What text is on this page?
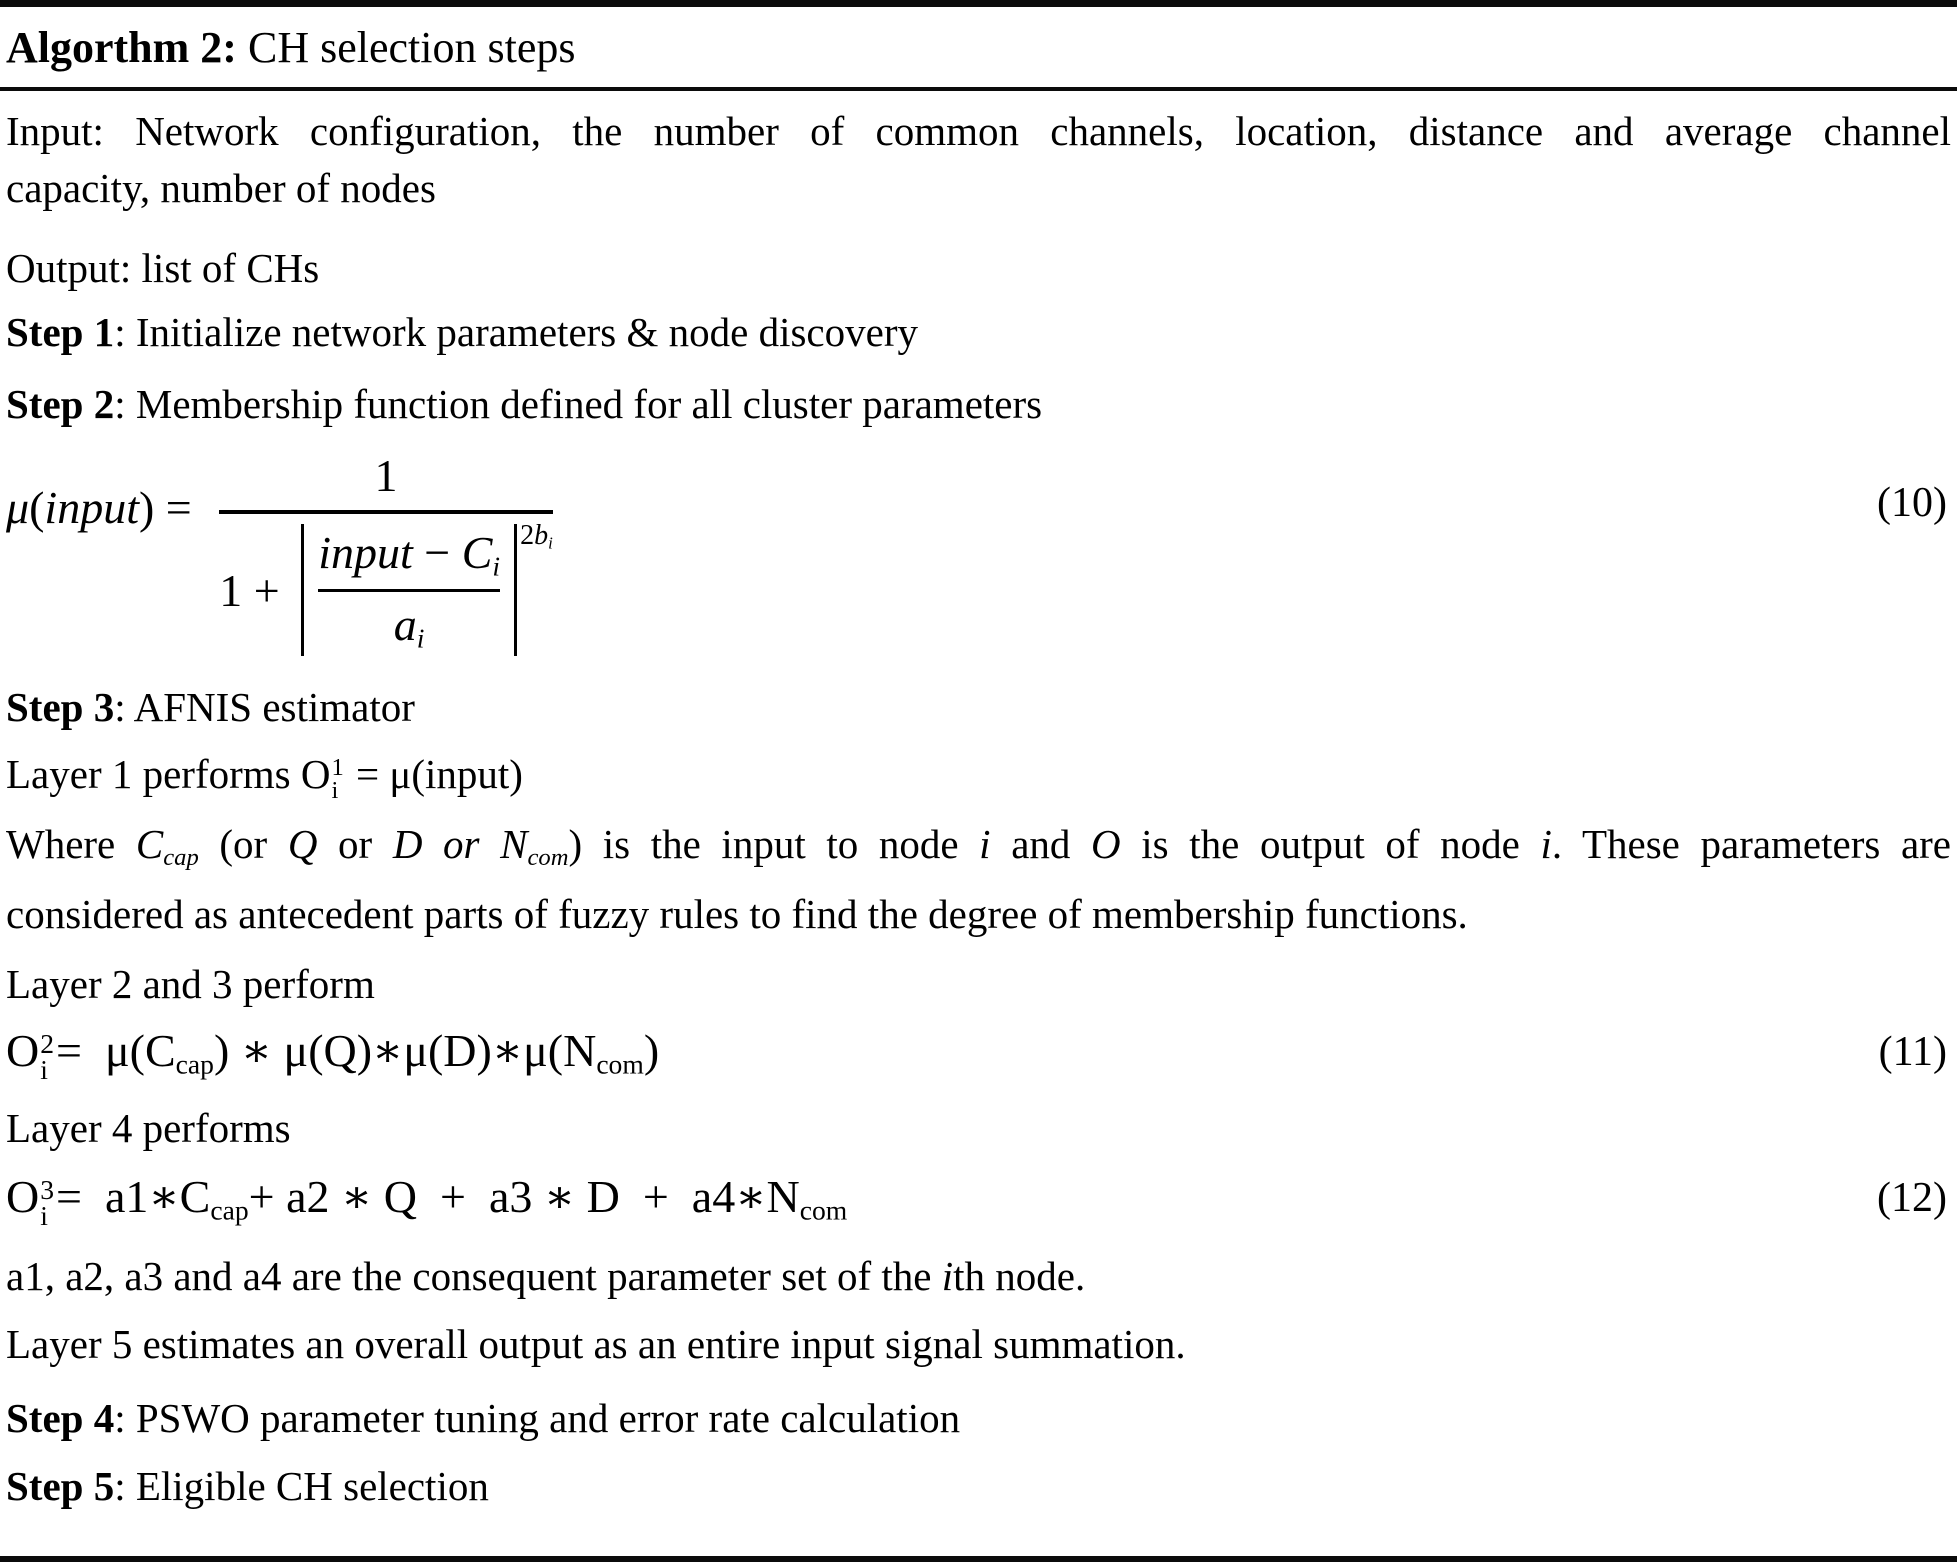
Algorthm 2: CH selection steps
Input: Network configuration, the number of common channels, location, distance and average channel
capacity, number of nodes
Output: list of CHs
Step 1: Initialize network parameters & node discovery
Step 2: Membership function defined for all cluster parameters
μ(input) =
1
$1 + \frac{\text{input − Ci}}{ai} 2bi$
(10)
Step 3: AFNIS estimator
Layer 1 performs O 1
i = μ(input)
Where Ccap (or Q or D or Ncom) is the input to node i and O is the output of node i. These parameters are
considered as antecedent parts of fuzzy rules to find the degree of membership functions.
Layer 2 and 3 perform
O 2
i =  μ(Ccap) ∗ μ(Q)∗μ(D)∗μ(Ncom)	(11)
Layer 4 performs
O 3
i =  a1∗Ccap+ a2 ∗ Q  +  a3 ∗ D  +  a4∗Ncom	(12)
a1, a2, a3 and a4 are the consequent parameter set of the ith node.
Layer 5 estimates an overall output as an entire input signal summation.
Step 4: PSWO parameter tuning and error rate calculation
Step 5: Eligible CH selection
